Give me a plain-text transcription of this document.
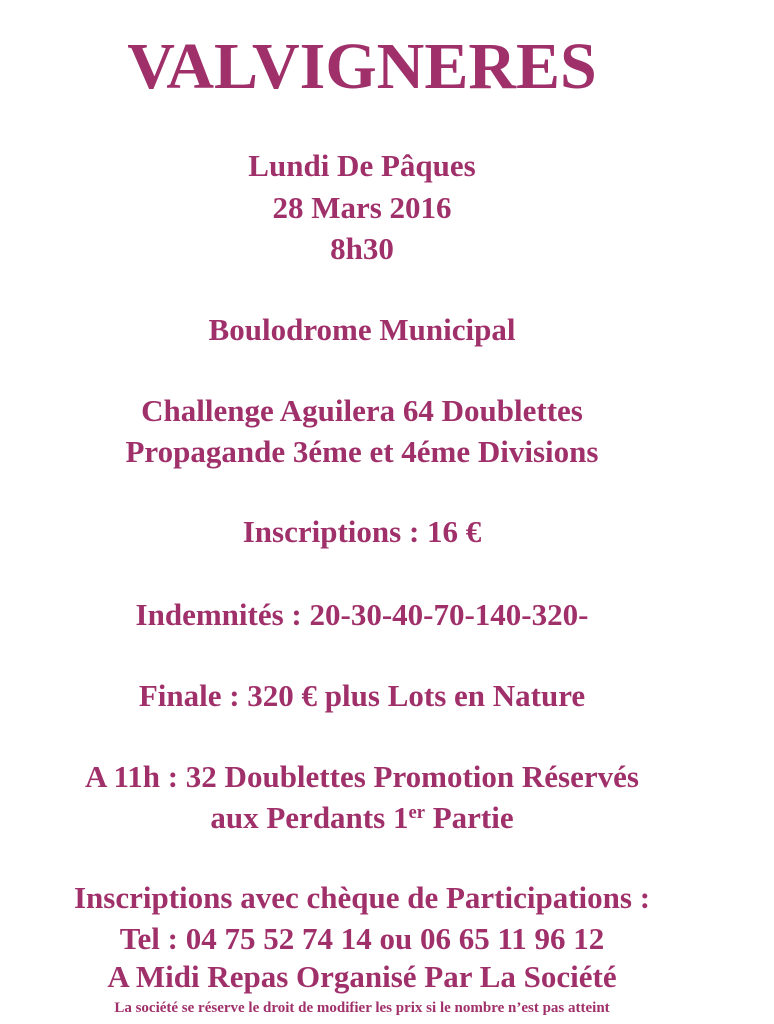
VALVIGNERES
Lundi De Pâques
28 Mars 2016
8h30
Boulodrome Municipal
Challenge Aguilera 64 Doublettes
Propagande 3éme et 4éme Divisions
Inscriptions : 16 €
Indemnités : 20-30-40-70-140-320-
Finale : 320 € plus Lots en Nature
A 11h : 32 Doublettes Promotion Réservés
aux Perdants 1er Partie
Inscriptions avec chèque de Participations :
Tel : 04 75 52 74 14 ou 06 65 11 96 12
A Midi Repas Organisé Par La Société
La société se réserve le droit de modifier les prix si le nombre n’est pas atteint
